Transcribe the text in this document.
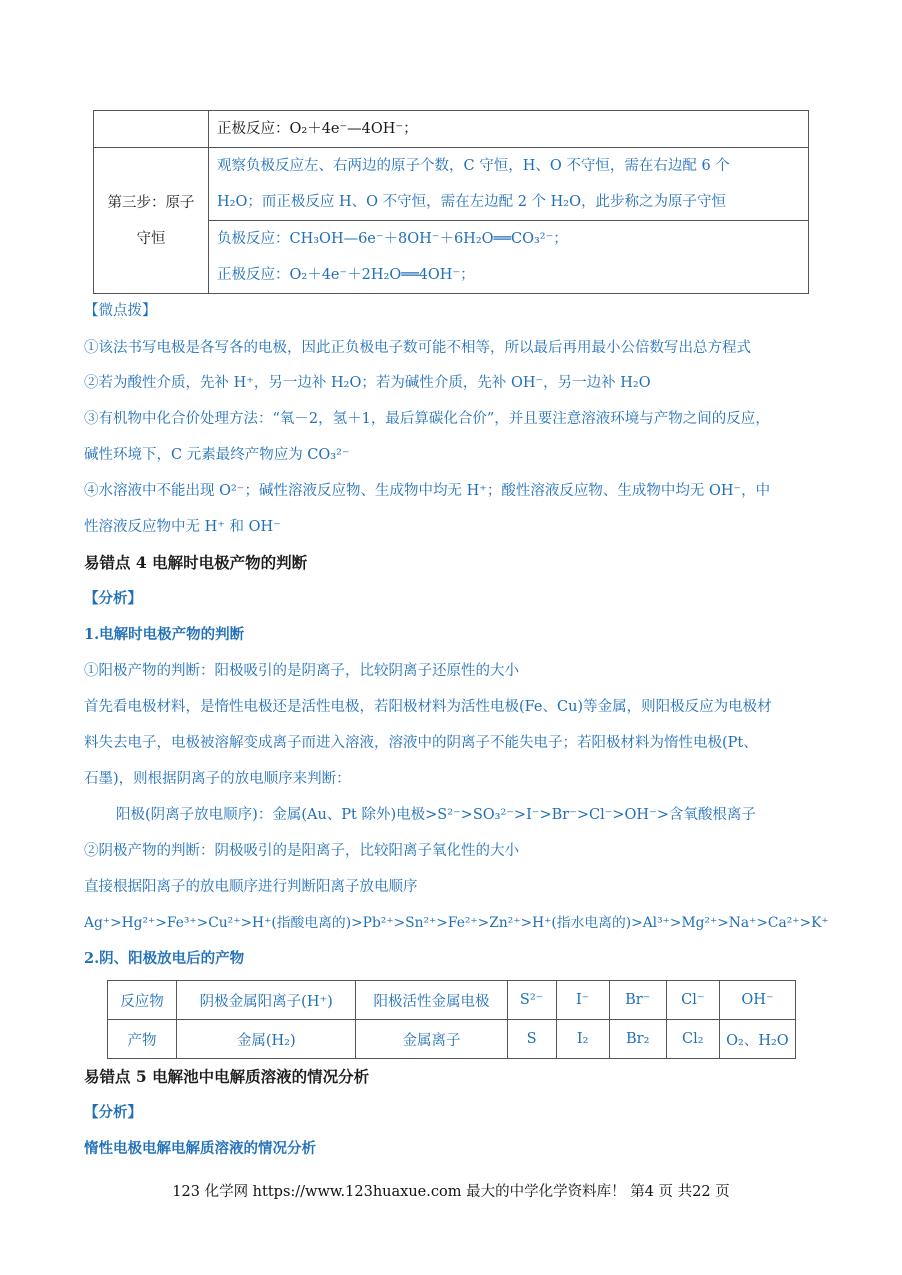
	正极反应：O₂＋4e⁻—4OH⁻；

第三步：原子守恒	观察负极反应左、右两边的原子个数，C 守恒，H、O 不守恒，需在右边配 6 个
H₂O；而正极反应 H、O 不守恒，需在左边配 2 个 H₂O，此步称之为原子守恒
负极反应：CH₃OH—6e⁻＋8OH⁻＋6H₂O══CO₃²⁻；
正极反应：O₂＋4e⁻＋2H₂O══4OH⁻；
【微点拨】
①该法书写电极是各写各的电极，因此正负极电子数可能不相等，所以最后再用最小公倍数写出总方程式
②若为酸性介质，先补 H⁺，另一边补 H₂O；若为碱性介质，先补 OH⁻，另一边补 H₂O
③有机物中化合价处理方法：“氧－2，氢＋1，最后算碳化合价”，并且要注意溶液环境与产物之间的反应，
碱性环境下，C 元素最终产物应为 CO₃²⁻
④水溶液中不能出现 O²⁻；碱性溶液反应物、生成物中均无 H⁺；酸性溶液反应物、生成物中均无 OH⁻，中
性溶液反应物中无 H⁺ 和 OH⁻
易错点 4 电解时电极产物的判断
【分析】
1.电解时电极产物的判断
①阳极产物的判断：阳极吸引的是阴离子，比较阴离子还原性的大小
首先看电极材料，是惰性电极还是活性电极，若阳极材料为活性电极(Fe、Cu)等金属，则阳极反应为电极材
料失去电子，电极被溶解变成离子而进入溶液，溶液中的阴离子不能失电子；若阳极材料为惰性电极(Pt、
石墨)，则根据阴离子的放电顺序来判断：
阳极(阴离子放电顺序)：金属(Au、Pt 除外)电极>S²⁻>SO₃²⁻>I⁻>Br⁻>Cl⁻>OH⁻>含氧酸根离子
②阴极产物的判断：阴极吸引的是阳离子，比较阳离子氧化性的大小
直接根据阳离子的放电顺序进行判断阳离子放电顺序
Ag⁺>Hg²⁺>Fe³⁺>Cu²⁺>H⁺(指酸电离的)>Pb²⁺>Sn²⁺>Fe²⁺>Zn²⁺>H⁺(指水电离的)>Al³⁺>Mg²⁺>Na⁺>Ca²⁺>K⁺
2.阴、阳极放电后的产物
反应物	阴极金属阳离子(H⁺)	阳极活性金属电极	S²⁻	I⁻	Br⁻	Cl⁻	OH⁻
产物	金属(H₂)	金属离子	S	I₂	Br₂	Cl₂	O₂、H₂O
易错点 5 电解池中电解质溶液的情况分析
【分析】
惰性电极电解电解质溶液的情况分析
123 化学网 https://www.123huaxue.com 最大的中学化学资料库！ 第4 页 共22 页
